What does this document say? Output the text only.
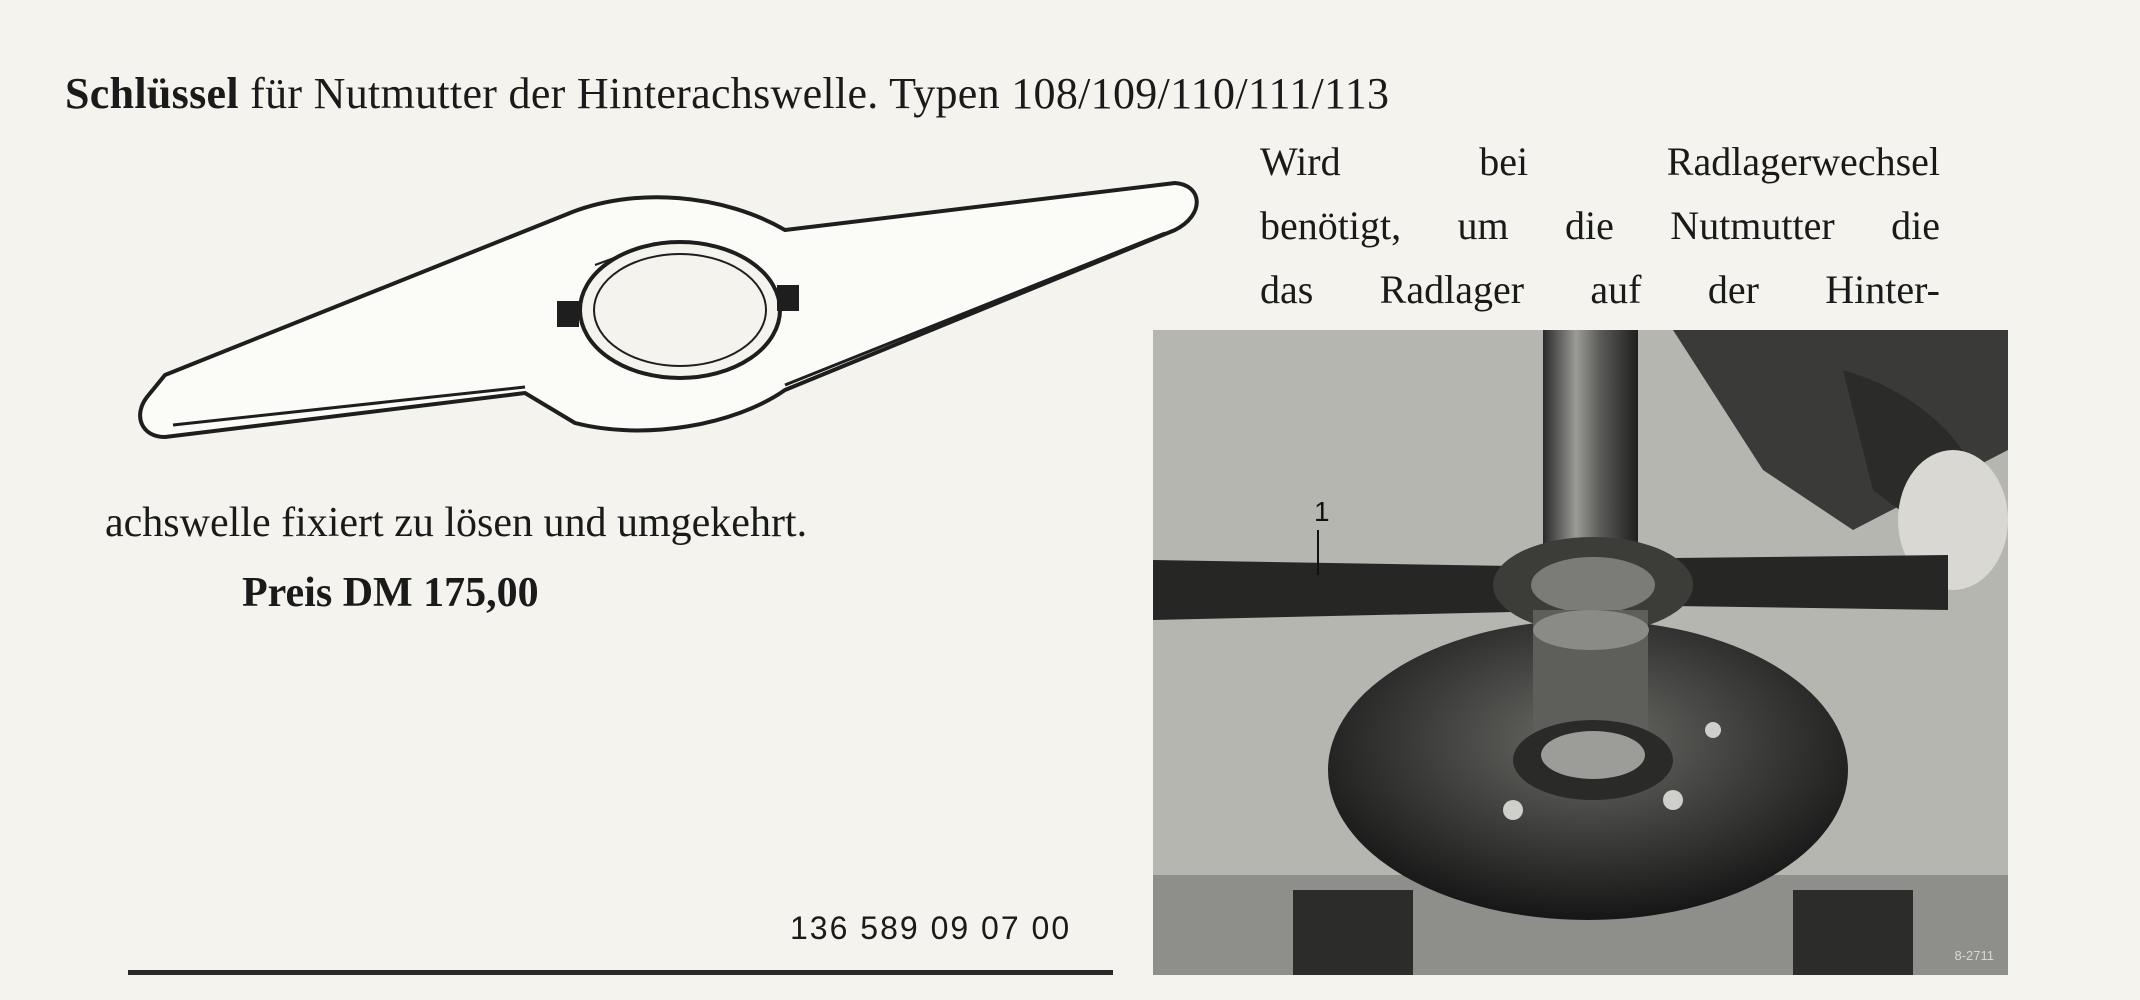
Schlüssel für Nutmutter der Hinterachswelle. Typen 108/109/110/111/113
Wird bei Radlagerwechsel
benötigt, um die Nutmutter die
das Radlager auf der Hinter-
achswelle fixiert zu lösen und umgekehrt.
Preis DM 175,00
1
8-2711
136 589 09 07 00
